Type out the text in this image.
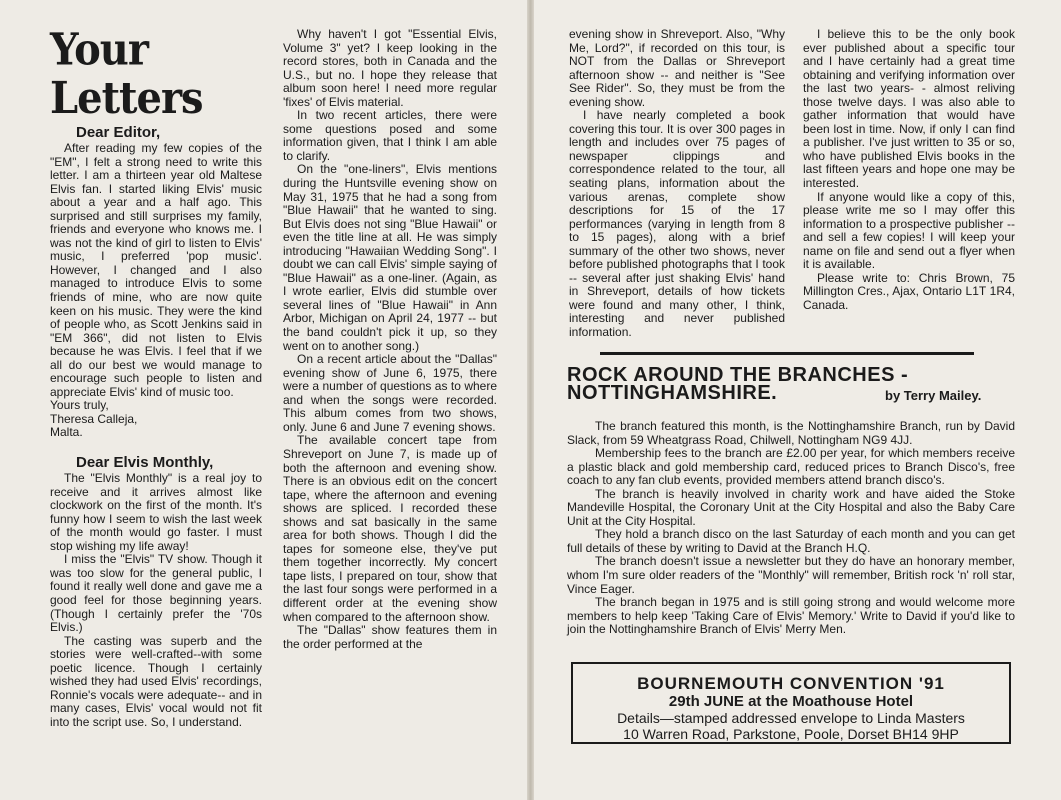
Your Letters
Dear Editor,

After reading my few copies of the "EM", I felt a strong need to write this letter. I am a thirteen year old Maltese Elvis fan. I started liking Elvis' music about a year and a half ago. This surprised and still surprises my family, friends and everyone who knows me. I was not the kind of girl to listen to Elvis' music, I preferred 'pop music'. However, I changed and I also managed to introduce Elvis to some friends of mine, who are now quite keen on his music. They were the kind of people who, as Scott Jenkins said in "EM 366", did not listen to Elvis because he was Elvis. I feel that if we all do our best we would manage to encourage such people to listen and appreciate Elvis' kind of music too.

Yours truly,

Theresa Calleja,

Malta.

Dear Elvis Monthly,

The "Elvis Monthly" is a real joy to receive and it arrives almost like clockwork on the first of the month. It's funny how I seem to wish the last week of the month would go faster. I must stop wishing my life away!

I miss the "Elvis" TV show. Though it was too slow for the general public, I found it really well done and gave me a good feel for those beginning years. (Though I certainly prefer the '70s Elvis.)

The casting was superb and the stories were well-crafted--with some poetic licence. Though I certainly wished they had used Elvis' recordings, Ronnie's vocals were adequate-- and in many cases, Elvis' vocal would not fit into the script use. So, I understand.

Why haven't I got "Essential Elvis, Volume 3" yet? I keep looking in the record stores, both in Canada and the U.S., but no. I hope they release that album soon here! I need more regular 'fixes' of Elvis material.

In two recent articles, there were some questions posed and some information given, that I think I am able to clarify.

On the "one-liners", Elvis mentions during the Huntsville evening show on May 31, 1975 that he had a song from "Blue Hawaii" that he wanted to sing. But Elvis does not sing "Blue Hawaii" or even the title line at all. He was simply introducing "Hawaiian Wedding Song". I doubt we can call Elvis' simple saying of "Blue Hawaii" as a one-liner. (Again, as I wrote earlier, Elvis did stumble over several lines of "Blue Hawaii" in Ann Arbor, Michigan on April 24, 1977 -- but the band couldn't pick it up, so they went on to another song.)

On a recent article about the "Dallas" evening show of June 6, 1975, there were a number of questions as to where and when the songs were recorded. This album comes from two shows, only. June 6 and June 7 evening shows.

The available concert tape from Shreveport on June 7, is made up of both the afternoon and evening show. There is an obvious edit on the concert tape, where the afternoon and evening shows are spliced. I recorded these shows and sat basically in the same area for both shows. Though I did the tapes for someone else, they've put them together incorrectly. My concert tape lists, I prepared on tour, show that the last four songs were performed in a different order at the evening show when compared to the afternoon show.

The "Dallas" show features them in the order performed at the

evening show in Shreveport. Also, "Why Me, Lord?", if recorded on this tour, is NOT from the Dallas or Shreveport afternoon show -- and neither is "See See Rider". So, they must be from the evening show.

I have nearly completed a book covering this tour. It is over 300 pages in length and includes over 75 pages of newspaper clippings and correspondence related to the tour, all seating plans, information about the various arenas, complete show descriptions for 15 of the 17 performances (varying in length from 8 to 15 pages), along with a brief summary of the other two shows, never before published photographs that I took -- several after just shaking Elvis' hand in Shreveport, details of how tickets were found and many other, I think, interesting and never published information.

I believe this to be the only book ever published about a specific tour and I have certainly had a great time obtaining and verifying information over the last two years- - almost reliving those twelve days. I was also able to gather information that would have been lost in time. Now, if only I can find a publisher. I've just written to 35 or so, who have published Elvis books in the last fifteen years and hope one may be interested.

If anyone would like a copy of this, please write me so I may offer this information to a prospective publisher -- and sell a few copies! I will keep your name on file and send out a flyer when it is available.

Please write to: Chris Brown, 75 Millington Cres., Ajax, Ontario L1T 1R4, Canada.

ROCK AROUND THE BRANCHES -
NOTTINGHAMSHIRE.	by Terry Mailey.

The branch featured this month, is the Nottinghamshire Branch, run by David Slack, from 59 Wheatgrass Road, Chilwell, Nottingham NG9 4JJ.

Membership fees to the branch are £2.00 per year, for which members receive a plastic black and gold membership card, reduced prices to Branch Disco's, free coach to any fan club events, provided members attend branch disco's.

The branch is heavily involved in charity work and have aided the Stoke Mandeville Hospital, the Coronary Unit at the City Hospital and also the Baby Care Unit at the City Hospital.

They hold a branch disco on the last Saturday of each month and you can get full details of these by writing to David at the Branch H.Q.

The branch doesn't issue a newsletter but they do have an honorary member, whom I'm sure older readers of the "Monthly" will remember, British rock 'n' roll star, Vince Eager.

The branch began in 1975 and is still going strong and would welcome more members to help keep 'Taking Care of Elvis' Memory.' Write to David if you'd like to join the Nottinghamshire Branch of Elvis' Merry Men.

BOURNEMOUTH CONVENTION '91
29th JUNE at the Moathouse Hotel
Details—stamped addressed envelope to Linda Masters
10 Warren Road, Parkstone, Poole, Dorset BH14 9HP
